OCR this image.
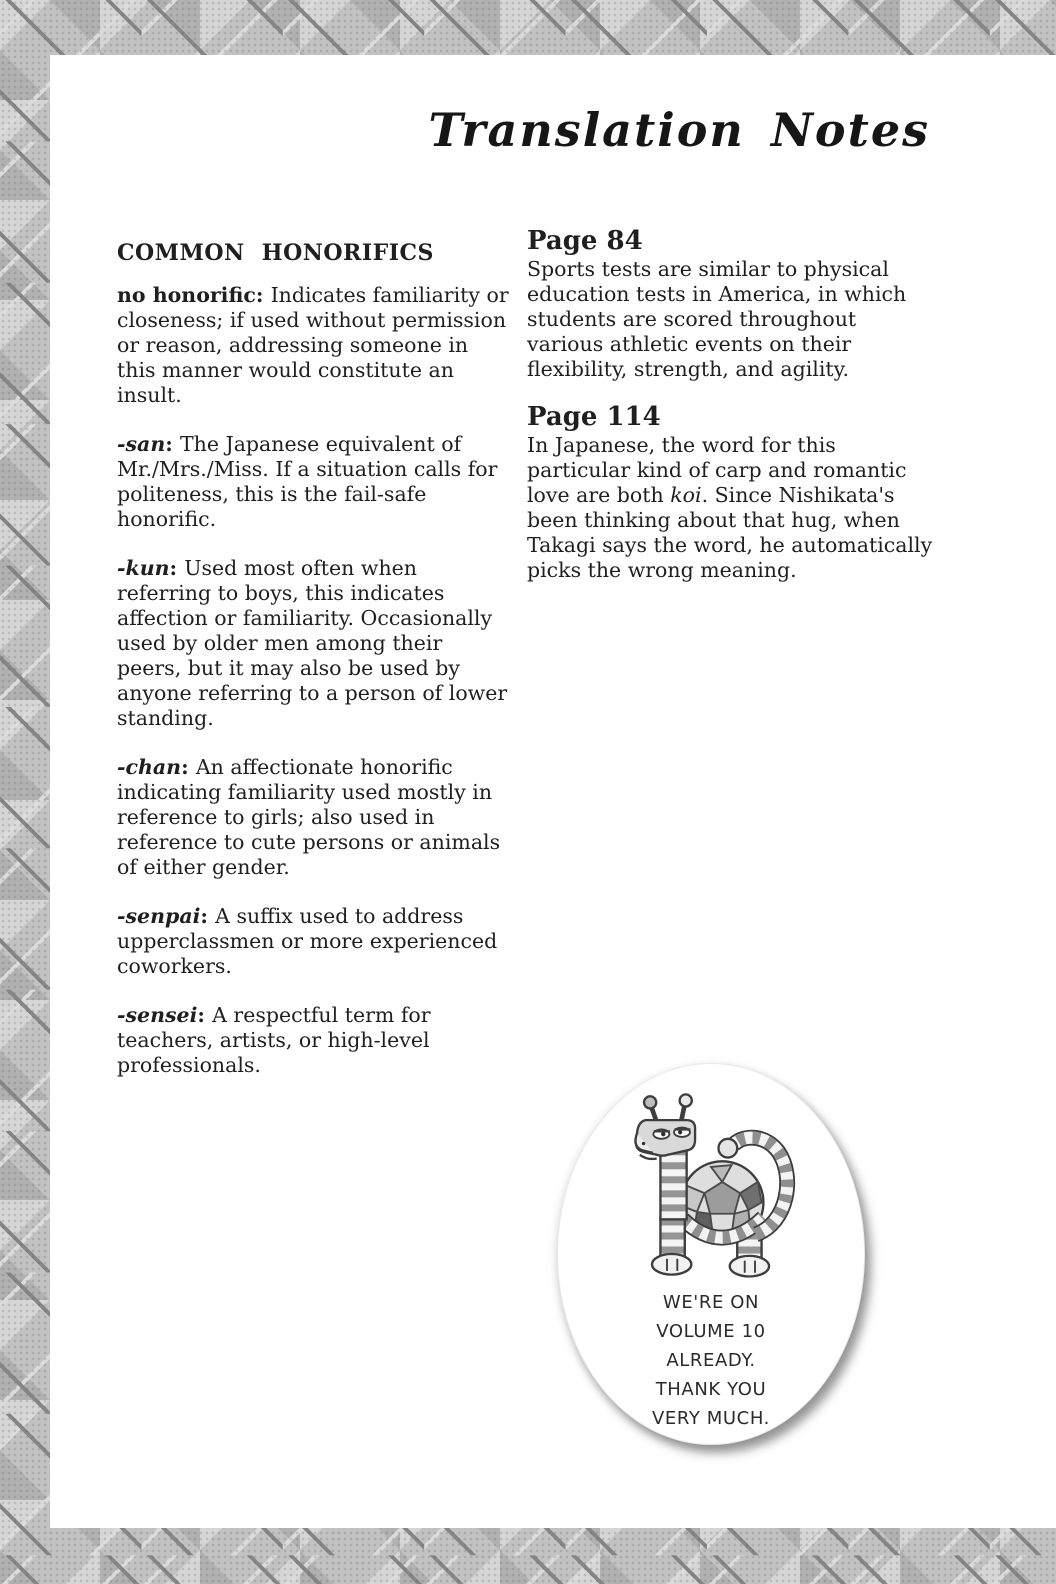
Translation Notes
COMMON HONORIFICS

no honorific: Indicates familiarity or closeness; if used without permission or reason, addressing someone in this manner would constitute an insult.

-san: The Japanese equivalent of Mr./Mrs./Miss. If a situation calls for politeness, this is the fail-safe honorific.

-kun: Used most often when referring to boys, this indicates affection or familiarity. Occasionally used by older men among their peers, but it may also be used by anyone referring to a person of lower standing.

-chan: An affectionate honorific indicating familiarity used mostly in reference to girls; also used in reference to cute persons or animals of either gender.

-senpai: A suffix used to address upperclassmen or more experienced coworkers.

-sensei: A respectful term for teachers, artists, or high-level professionals.

Page 84

Sports tests are similar to physical education tests in America, in which students are scored throughout various athletic events on their flexibility, strength, and agility.

Page 114

In Japanese, the word for this particular kind of carp and romantic love are both koi. Since Nishikata's been thinking about that hug, when Takagi says the word, he automatically picks the wrong meaning.

WE'RE ON
VOLUME 10
ALREADY.
THANK YOU
VERY MUCH.
